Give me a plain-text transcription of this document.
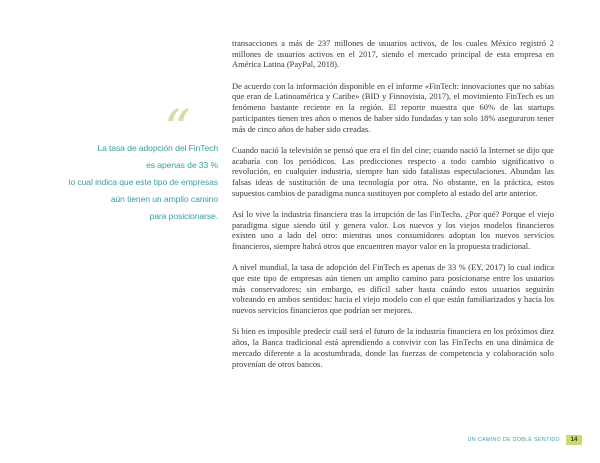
“
La tasa de adopción del FinTech
es apenas de 33 %
lo cual indica que este tipo de empresas
aún tienen un amplio camino
para posicionarse .

transacciones a más de 237 millones de usuarios activos, de los cuales México registró 2 millones de usuarios activos en el 2017, siendo el mercado principal de esta empresa en América Latina (PayPal, 2018).

De acuerdo con la información disponible en el informe «FinTech: innovaciones que no sabías que eran de Latinoamérica y Caribe» (BID y Finnovista, 2017), el movimiento FinTech es un fenómeno bastante reciente en la región. El reporte muestra que 60% de las startups participantes tienen tres años o menos de haber sido fundadas y tan solo 18% aseguraron tener más de cinco años de haber sido creadas.

Cuando nació la televisión se pensó que era el fin del cine; cuando nació la Internet se dijo que acabaría con los periódicos. Las predicciones respecto a todo cambio significativo o revolución, en cualquier industria, siempre han sido fatalistas especulaciones. Abundan las falsas ideas de sustitución de una tecnología por otra. No obstante, en la práctica, estos supuestos cambios de paradigma nunca sustituyen por completo al estado del arte anterior.

Así lo vive la industria financiera tras la irrupción de las FinTechs. ¿Por qué? Porque el viejo paradigma sigue siendo útil y genera valor. Los nuevos y los viejos modelos financieros existen uno a lado del otro: mientras unos consumidores adoptan los nuevos servicios financieros, siempre habrá otros que encuentren mayor valor en la propuesta tradicional.

A nivel mundial, la tasa de adopción del FinTech es apenas de 33 % (EY, 2017) lo cual indica que este tipo de empresas aún tienen un amplio camino para posicionarse entre los usuarios más conservadores; sin embargo, es difícil saber hasta cuándo estos usuarios seguirán volteando en ambos sentidos: hacia el viejo modelo con el que están familiarizados y hacia los nuevos servicios financieros que podrían ser mejores.

Si bien es imposible predecir cuál será el futuro de la industria financiera en los próximos diez años, la Banca tradicional está aprendiendo a convivir con las FinTechs en una dinámica de mercado diferente a la acostumbrada, donde las fuerzas de competencia y colaboración solo provenían de otros bancos.

UN CAMINO DE DOBLE SENTIDO	14
